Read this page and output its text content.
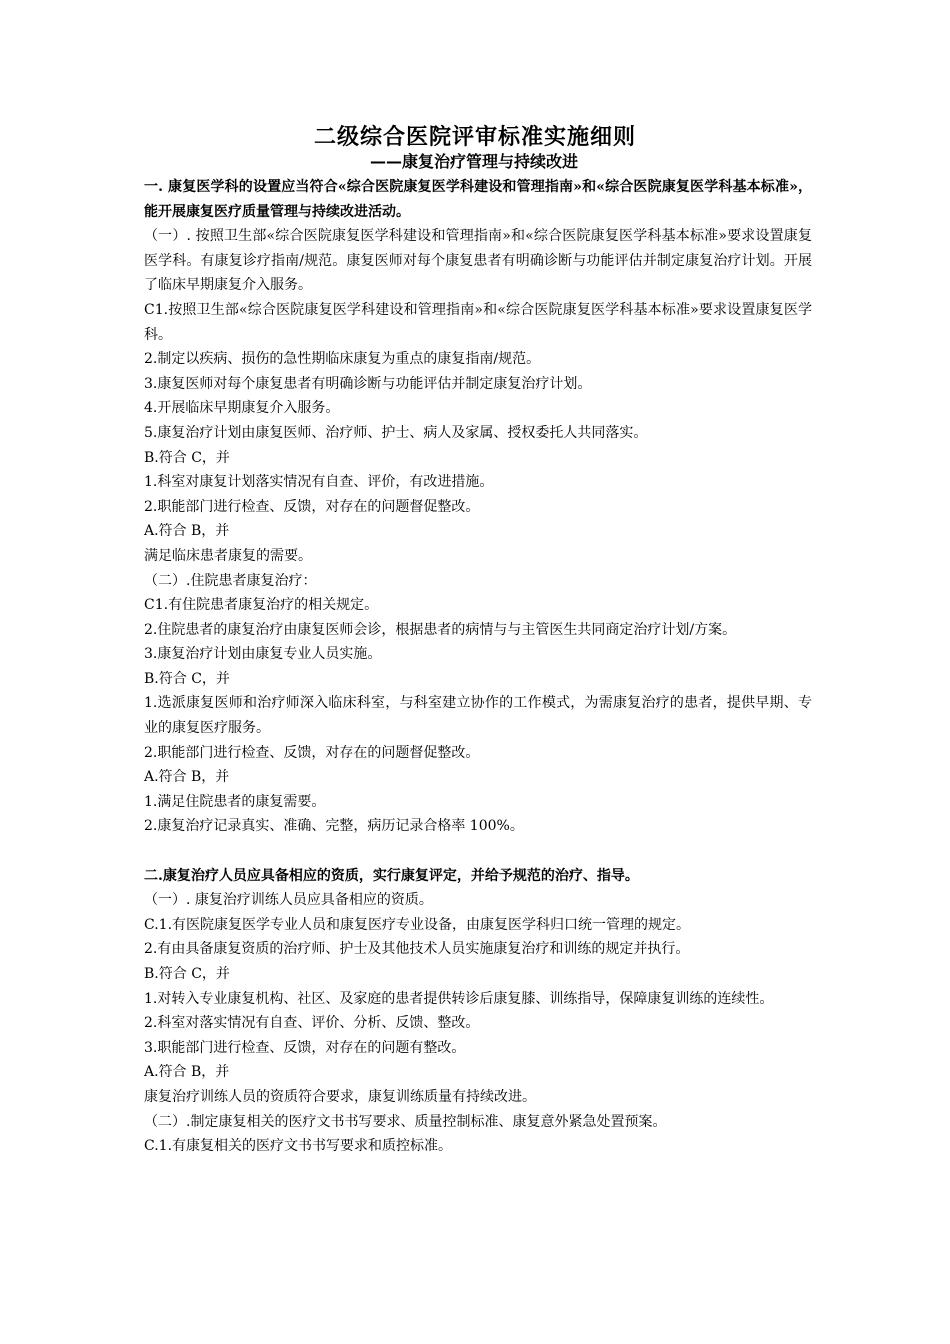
二级综合医院评审标准实施细则
——康复治疗管理与持续改进

一. 康复医学科的设置应当符合«综合医院康复医学科建设和管理指南»和«综合医院康复医学科基本标准»，能开展康复医疗质量管理与持续改进活动。

（一）. 按照卫生部«综合医院康复医学科建设和管理指南»和«综合医院康复医学科基本标准»要求设置康复医学科。有康复诊疗指南/规范。康复医师对每个康复患者有明确诊断与功能评估并制定康复治疗计划。开展了临床早期康复介入服务。

C1.按照卫生部«综合医院康复医学科建设和管理指南»和«综合医院康复医学科基本标准»要求设置康复医学科。

2.制定以疾病、损伤的急性期临床康复为重点的康复指南/规范。

3.康复医师对每个康复患者有明确诊断与功能评估并制定康复治疗计划。

4.开展临床早期康复介入服务。

5.康复治疗计划由康复医师、治疗师、护士、病人及家属、授权委托人共同落实。

B.符合 C，并

1.科室对康复计划落实情况有自查、评价，有改进措施。

2.职能部门进行检查、反馈，对存在的问题督促整改。

A.符合 B，并

满足临床患者康复的需要。

（二）.住院患者康复治疗：

C1.有住院患者康复治疗的相关规定。

2.住院患者的康复治疗由康复医师会诊，根据患者的病情与与主管医生共同商定治疗计划/方案。

3.康复治疗计划由康复专业人员实施。

B.符合 C，并

1.选派康复医师和治疗师深入临床科室，与科室建立协作的工作模式，为需康复治疗的患者，提供早期、专业的康复医疗服务。

2.职能部门进行检查、反馈，对存在的问题督促整改。

A.符合 B，并

1.满足住院患者的康复需要。

2.康复治疗记录真实、准确、完整，病历记录合格率 100%。

二.康复治疗人员应具备相应的资质，实行康复评定，并给予规范的治疗、指导。

（一）. 康复治疗训练人员应具备相应的资质。

C.1.有医院康复医学专业人员和康复医疗专业设备，由康复医学科归口统一管理的规定。

2.有由具备康复资质的治疗师、护士及其他技术人员实施康复治疗和训练的规定并执行。

B.符合 C，并

1.对转入专业康复机构、社区、及家庭的患者提供转诊后康复膝、训练指导，保障康复训练的连续性。

2.科室对落实情况有自查、评价、分析、反馈、整改。

3.职能部门进行检查、反馈，对存在的问题有整改。

A.符合 B，并

康复治疗训练人员的资质符合要求，康复训练质量有持续改进。

（二）.制定康复相关的医疗文书书写要求、质量控制标准、康复意外紧急处置预案。

C.1.有康复相关的医疗文书书写要求和质控标准。
